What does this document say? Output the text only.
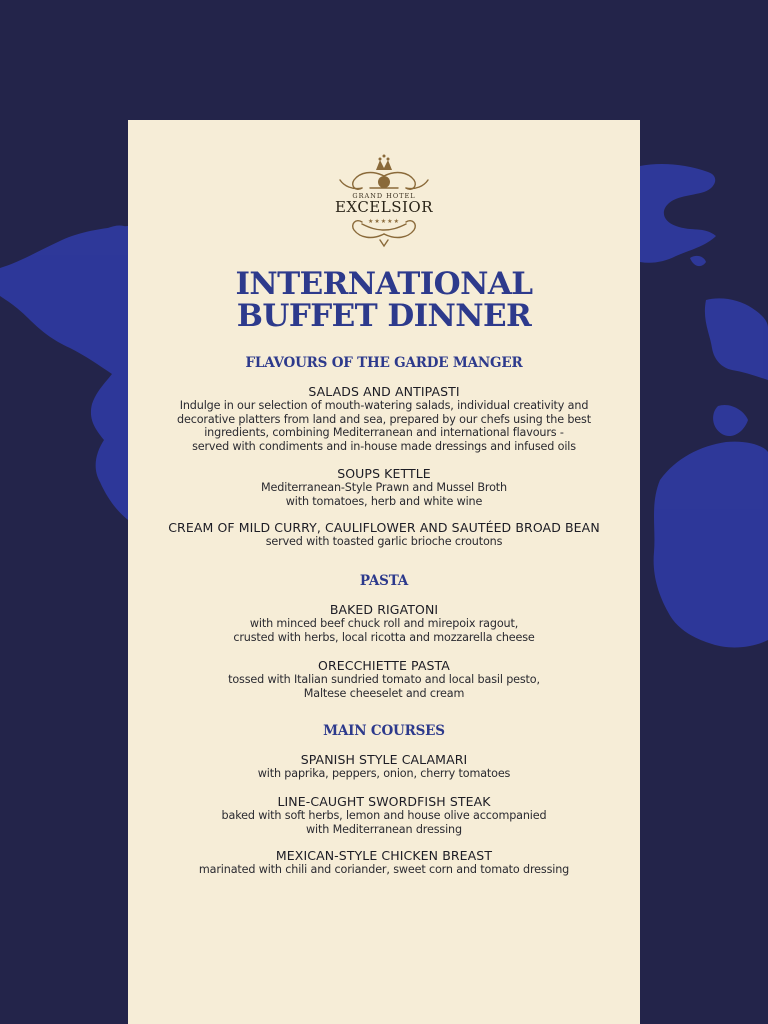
GRAND HOTEL
EXCELSIOR
★★★★★
INTERNATIONAL
BUFFET DINNER
FLAVOURS OF THE GARDE MANGER
SALADS AND ANTIPASTI
Indulge in our selection of mouth-watering salads, individual creativity and
decorative platters from land and sea, prepared by our chefs using the best
ingredients, combining Mediterranean and international flavours -
served with condiments and in-house made dressings and infused oils
SOUPS KETTLE
Mediterranean-Style Prawn and Mussel Broth
with tomatoes, herb and white wine
CREAM OF MILD CURRY, CAULIFLOWER AND SAUTÉED BROAD BEAN
served with toasted garlic brioche croutons
PASTA
BAKED RIGATONI
with minced beef chuck roll and mirepoix ragout,
crusted with herbs, local ricotta and mozzarella cheese
ORECCHIETTE PASTA
tossed with Italian sundried tomato and local basil pesto,
Maltese cheeselet and cream
MAIN COURSES
SPANISH STYLE CALAMARI
with paprika, peppers, onion, cherry tomatoes
LINE-CAUGHT SWORDFISH STEAK
baked with soft herbs, lemon and house olive accompanied
with Mediterranean dressing
MEXICAN-STYLE CHICKEN BREAST
marinated with chili and coriander, sweet corn and tomato dressing
